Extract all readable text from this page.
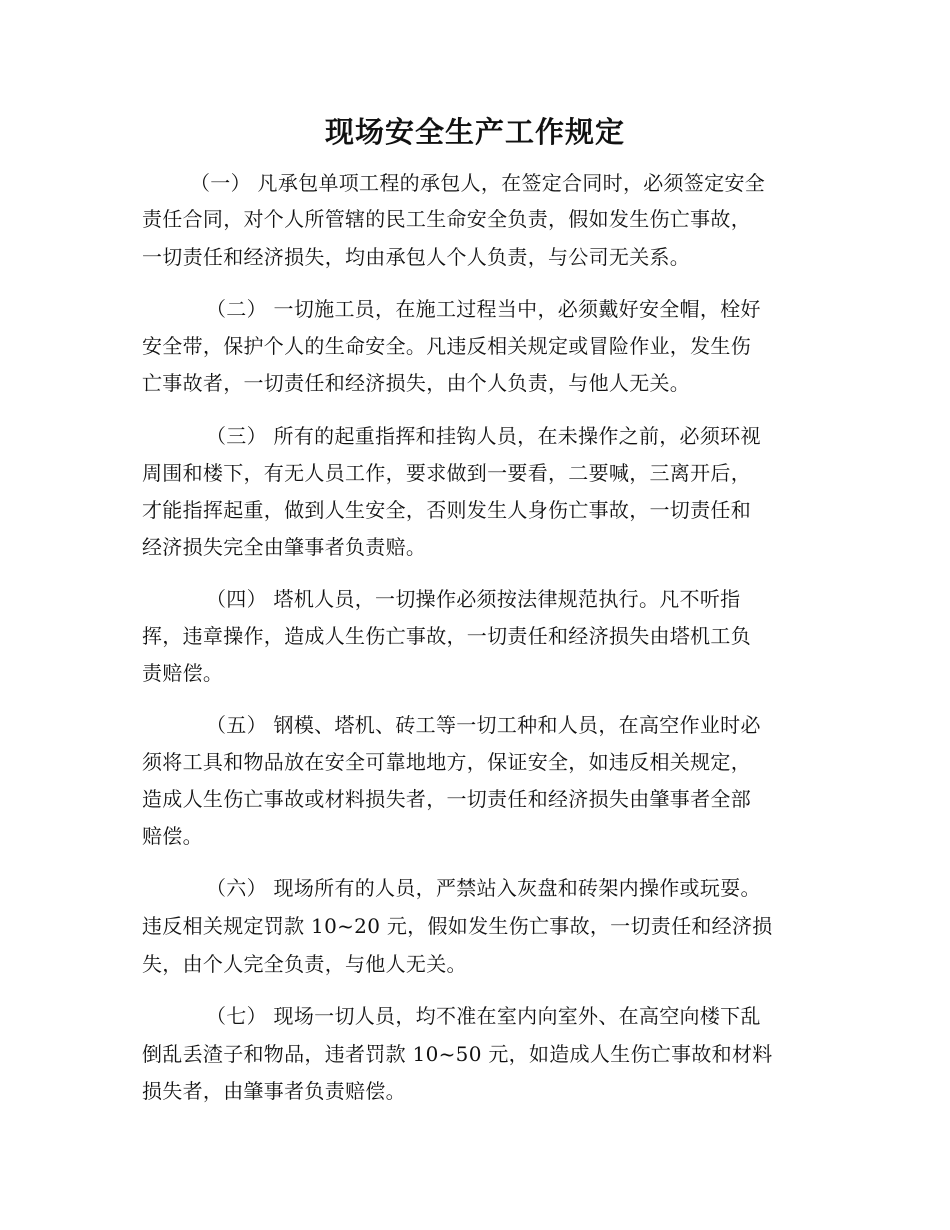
现场安全生产工作规定
（一） 凡承包单项工程的承包人，在签定合同时，必须签定安全
责任合同，对个人所管辖的民工生命安全负责，假如发生伤亡事故，
一切责任和经济损失，均由承包人个人负责，与公司无关系。
（二） 一切施工员，在施工过程当中，必须戴好安全帽，栓好
安全带，保护个人的生命安全。凡违反相关规定或冒险作业，发生伤
亡事故者，一切责任和经济损失，由个人负责，与他人无关。
（三） 所有的起重指挥和挂钩人员，在未操作之前，必须环视
周围和楼下，有无人员工作，要求做到一要看，二要喊，三离开后，
才能指挥起重，做到人生安全，否则发生人身伤亡事故，一切责任和
经济损失完全由肇事者负责赔。
（四） 塔机人员，一切操作必须按法律规范执行。凡不听指
挥，违章操作，造成人生伤亡事故，一切责任和经济损失由塔机工负
责赔偿。
（五） 钢模、塔机、砖工等一切工种和人员，在高空作业时必
须将工具和物品放在安全可靠地地方，保证安全，如违反相关规定，
造成人生伤亡事故或材料损失者，一切责任和经济损失由肇事者全部
赔偿。
（六） 现场所有的人员，严禁站入灰盘和砖架内操作或玩耍。
违反相关规定罚款 10~20 元，假如发生伤亡事故，一切责任和经济损
失，由个人完全负责，与他人无关。
（七） 现场一切人员，均不准在室内向室外、在高空向楼下乱
倒乱丢渣子和物品，违者罚款 10~50 元，如造成人生伤亡事故和材料
损失者，由肇事者负责赔偿。
